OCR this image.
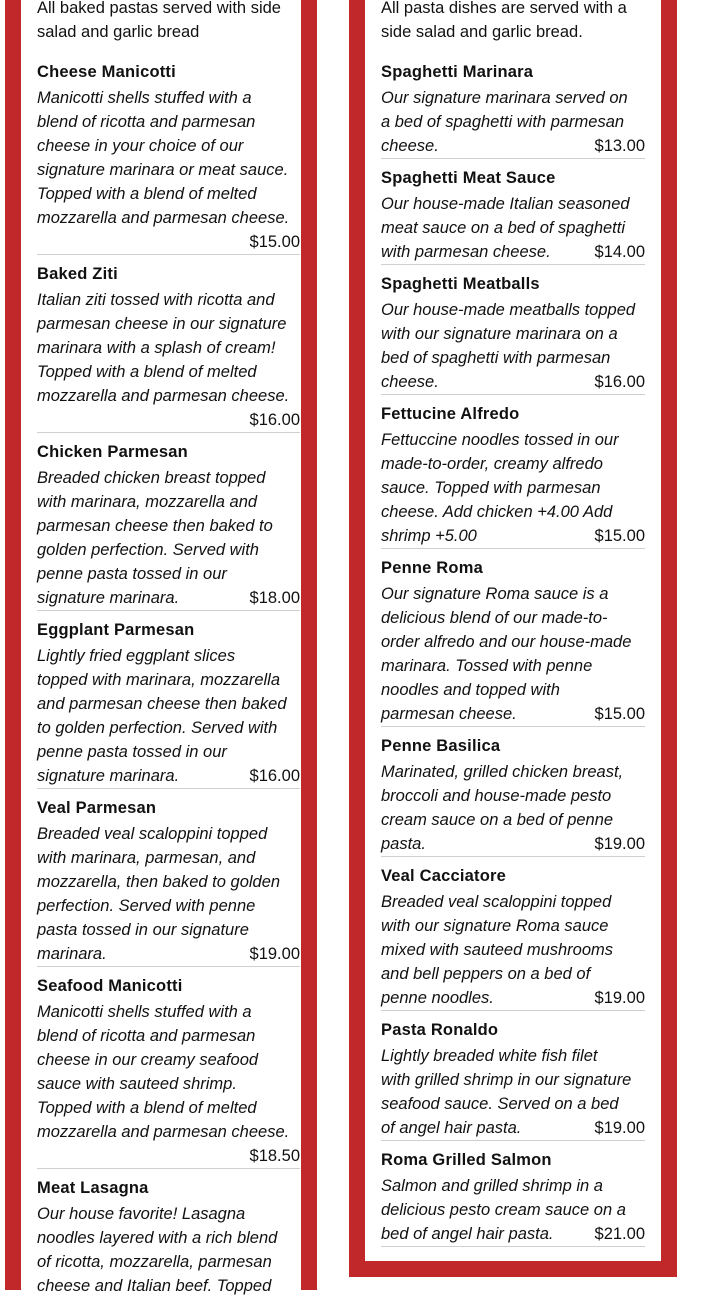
All baked pastas served with side
salad and garlic bread
Cheese Manicotti
Manicotti shells stuffed with a
blend of ricotta and parmesan
cheese in your choice of our
signature marinara or meat sauce.
Topped with a blend of melted
mozzarella and parmesan cheese.
$15.00
Baked Ziti
Italian ziti tossed with ricotta and
parmesan cheese in our signature
marinara with a splash of cream!
Topped with a blend of melted
mozzarella and parmesan cheese.
$16.00
Chicken Parmesan
Breaded chicken breast topped
with marinara, mozzarella and
parmesan cheese then baked to
golden perfection. Served with
penne pasta tossed in our
signature marinara.	$18.00
Eggplant Parmesan
Lightly fried eggplant slices
topped with marinara, mozzarella
and parmesan cheese then baked
to golden perfection. Served with
penne pasta tossed in our
signature marinara.	$16.00
Veal Parmesan
Breaded veal scaloppini topped
with marinara, parmesan, and
mozzarella, then baked to golden
perfection. Served with penne
pasta tossed in our signature
marinara.	$19.00
Seafood Manicotti
Manicotti shells stuffed with a
blend of ricotta and parmesan
cheese in our creamy seafood
sauce with sauteed shrimp.
Topped with a blend of melted
mozzarella and parmesan cheese.
$18.50
Meat Lasagna
Our house favorite! Lasagna
noodles layered with a rich blend
of ricotta, mozzarella, parmesan
cheese and Italian beef. Topped
All pasta dishes are served with a
side salad and garlic bread.
Spaghetti Marinara
Our signature marinara served on
a bed of spaghetti with parmesan
cheese.	$13.00
Spaghetti Meat Sauce
Our house-made Italian seasoned
meat sauce on a bed of spaghetti
with parmesan cheese.	$14.00
Spaghetti Meatballs
Our house-made meatballs topped
with our signature marinara on a
bed of spaghetti with parmesan
cheese.	$16.00
Fettucine Alfredo
Fettuccine noodles tossed in our
made-to-order, creamy alfredo
sauce. Topped with parmesan
cheese. Add chicken +4.00 Add
shrimp +5.00	$15.00
Penne Roma
Our signature Roma sauce is a
delicious blend of our made-to-
order alfredo and our house-made
marinara. Tossed with penne
noodles and topped with
parmesan cheese.	$15.00
Penne Basilica
Marinated, grilled chicken breast,
broccoli and house-made pesto
cream sauce on a bed of penne
pasta.	$19.00
Veal Cacciatore
Breaded veal scaloppini topped
with our signature Roma sauce
mixed with sauteed mushrooms
and bell peppers on a bed of
penne noodles.	$19.00
Pasta Ronaldo
Lightly breaded white fish filet
with grilled shrimp in our signature
seafood sauce. Served on a bed
of angel hair pasta.	$19.00
Roma Grilled Salmon
Salmon and grilled shrimp in a
delicious pesto cream sauce on a
bed of angel hair pasta. $21.00
